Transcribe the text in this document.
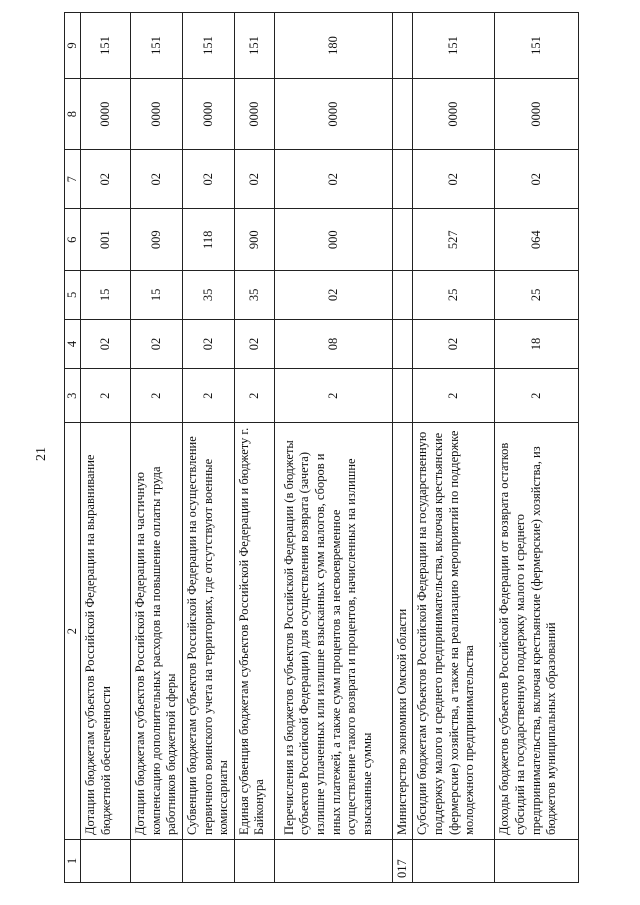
21
1	2	3	4	5	6	7	8	9
	Дотации бюджетам субъектов Российской Федерации на выравнивание бюджетной обеспеченности	2	02	15	001	02	0000	151
	Дотации бюджетам субъектов Российской Федерации на частичную компенсацию дополнительных расходов на повышение оплаты труда работников бюджетной сферы	2	02	15	009	02	0000	151
	Субвенции бюджетам субъектов Российской Федерации на осуществление первичного воинского учета на территориях, где отсутствуют военные комиссариаты	2	02	35	118	02	0000	151
	Единая субвенция бюджетам субъектов Российской Федерации и бюджету г. Байконура	2	02	35	900	02	0000	151
	Перечисления из бюджетов субъектов Российской Федерации (в бюджеты субъектов Российской Федерации) для осуществления возврата (зачета) излишне уплаченных или излишне взысканных сумм налогов, сборов и иных платежей, а также сумм процентов за несвоевременное осуществление такого возврата и процентов, начисленных на излишне взысканные суммы	2	08	02	000	02	0000	180
017	Министерство экономики Омской области							
	Субсидии бюджетам субъектов Российской Федерации на государственную поддержку малого и среднего предпринимательства, включая крестьянские (фермерские) хозяйства, а также на реализацию мероприятий по поддержке молодежного предпринимательства	2	02	25	527	02	0000	151
	Доходы бюджетов субъектов Российской Федерации от возврата остатков субсидий на государственную поддержку малого и среднего предпринимательства, включая крестьянские (фермерские) хозяйства, из бюджетов муниципальных образований	2	18	25	064	02	0000	151
